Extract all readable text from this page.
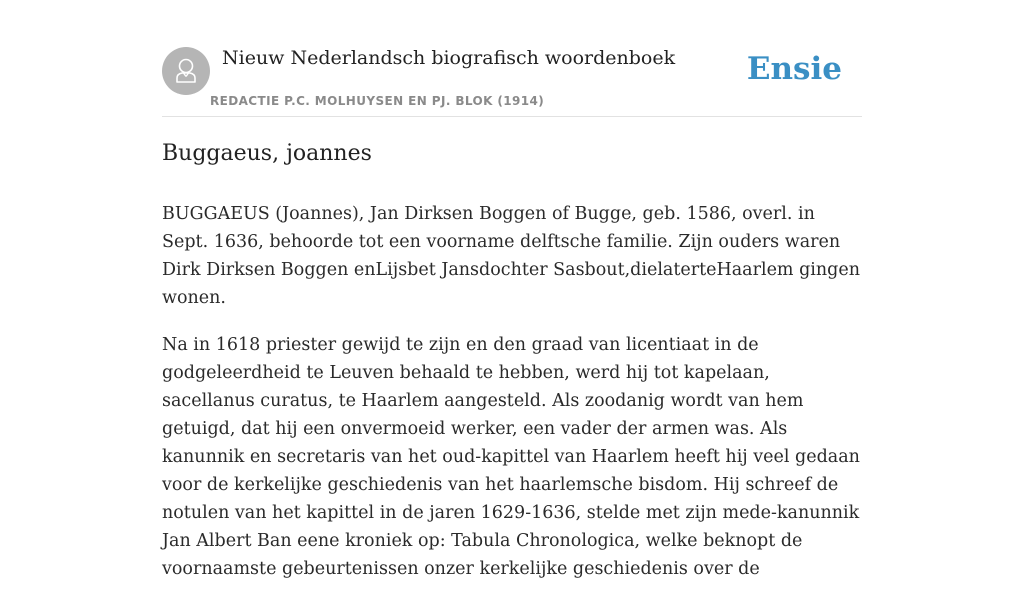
Nieuw Nederlandsch biografisch woordenboek
REDACTIE P.C. MOLHUYSEN EN PJ. BLOK (1914)
Ensie
Buggaeus, joannes

BUGGAEUS (Joannes), Jan Dirksen Boggen of Bugge, geb. 1586, overl. in Sept. 1636, behoorde tot een voorname delftsche familie. Zijn ouders waren Dirk Dirksen Boggen enLijsbet Jansdochter Sasbout,dielaterteHaarlem gingen wonen.

Na in 1618 priester gewijd te zijn en den graad van licentiaat in de godgeleerdheid te Leuven behaald te hebben, werd hij tot kapelaan, sacellanus curatus, te Haarlem aangesteld. Als zoodanig wordt van hem getuigd, dat hij een onvermoeid werker, een vader der armen was. Als kanunnik en secretaris van het oud-kapittel van Haarlem heeft hij veel gedaan voor de kerkelijke geschiedenis van het haarlemsche bisdom. Hij schreef de notulen van het kapittel in de jaren 1629-1636, stelde met zijn mede-kanunnik Jan Albert Ban eene kroniek op: Tabula Chronologica, welke beknopt de voornaamste gebeurtenissen onzer kerkelijke geschiedenis over de
